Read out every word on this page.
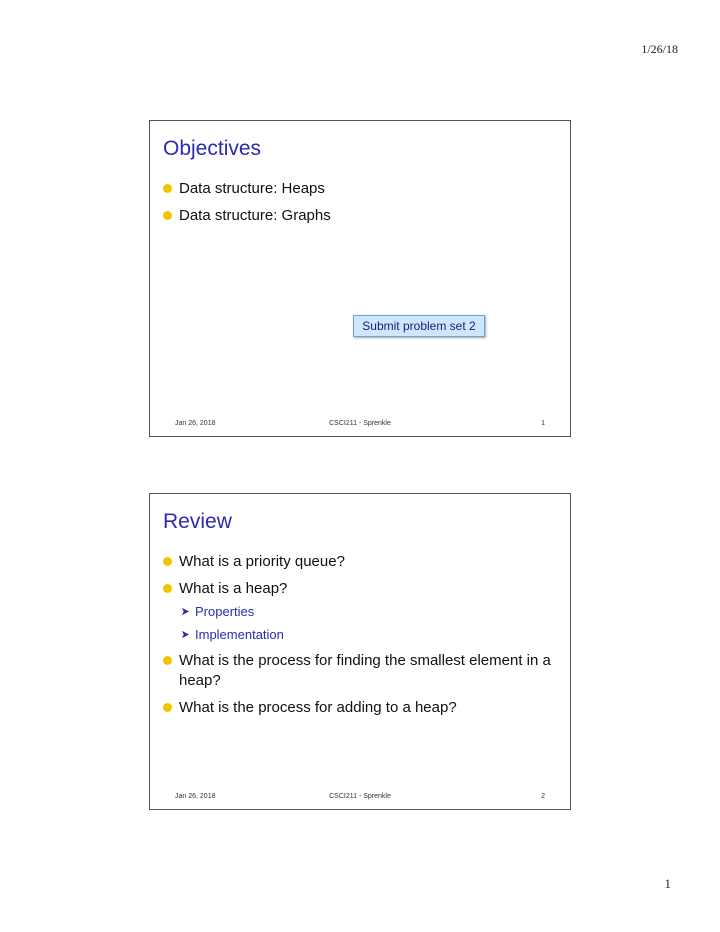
1/26/18
Objectives
Data structure: Heaps
Data structure: Graphs
Submit problem set 2
Jan 26, 2018	CSCI211 - Sprenkle	1
Review
What is a priority queue?
What is a heap?
Properties
Implementation
What is the process for finding the smallest element in a heap?
What is the process for adding to a heap?
Jan 26, 2018	CSCI211 - Sprenkle	2
1
